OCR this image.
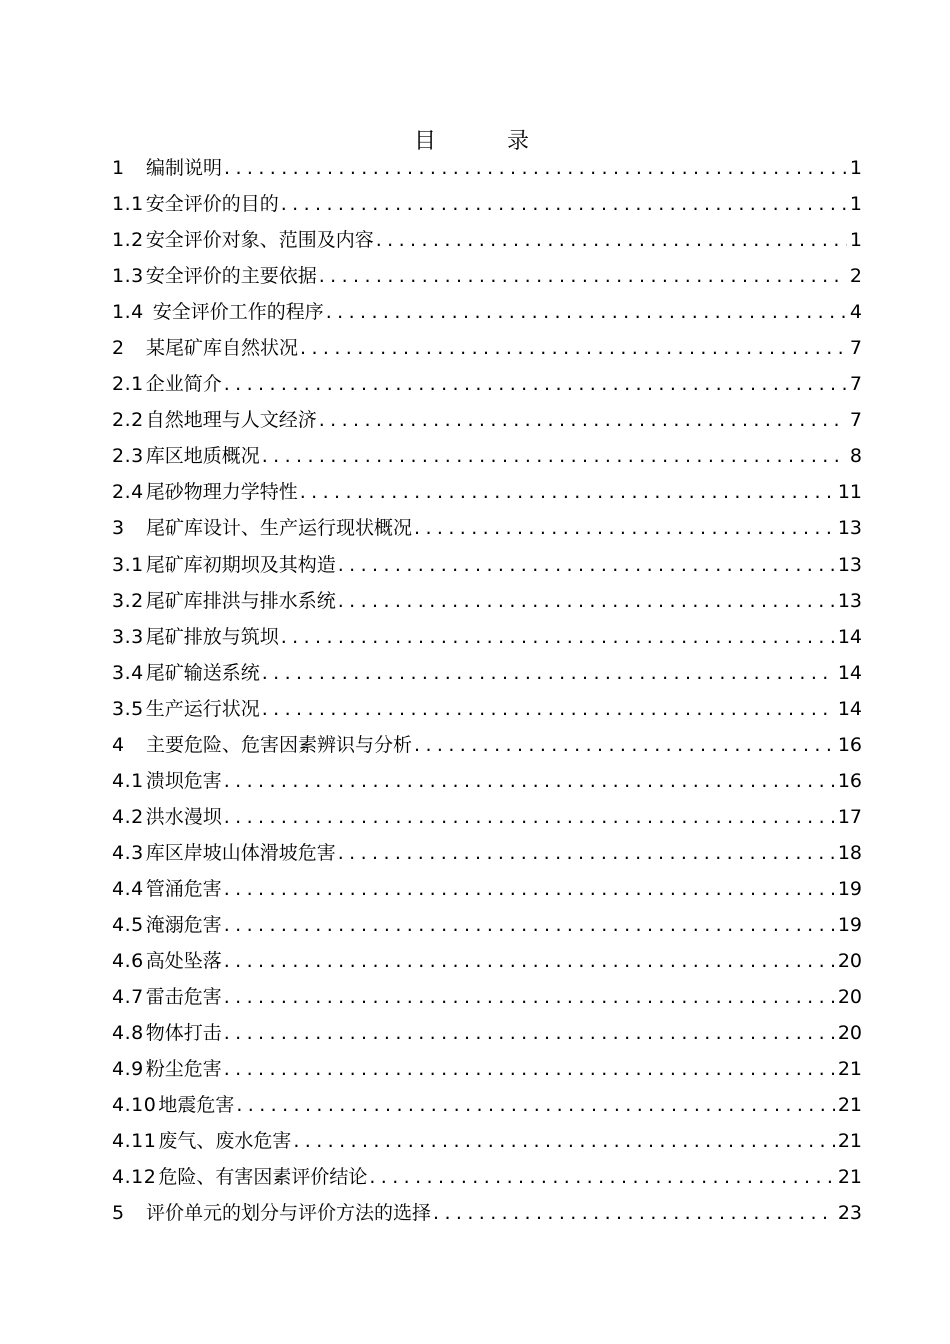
目 录
1	编制说明 .....	1
1.1 安全评价的目的 .....	1
1.2 安全评价对象、范围及内容 .....	1
1.3 安全评价的主要依据 .....	2
1.4 安全评价工作的程序 .....	4
2	某尾矿库自然状况 .....	7
2.1 企业简介 .....	7
2.2 自然地理与人文经济 .....	7
2.3 库区地质概况 .....	8
2.4 尾砂物理力学特性 .....	11
3	尾矿库设计、生产运行现状概况 .....	13
3.1 尾矿库初期坝及其构造 .....	13
3.2 尾矿库排洪与排水系统 .....	13
3.3 尾矿排放与筑坝 .....	14
3.4 尾矿输送系统 .....	14
3.5 生产运行状况 .....	14
4	主要危险、危害因素辨识与分析 .....	16
4.1 溃坝危害 .....	16
4.2 洪水漫坝 .....	17
4.3 库区岸坡山体滑坡危害 .....	18
4.4 管涌危害 .....	19
4.5 淹溺危害 .....	19
4.6 高处坠落 .....	20
4.7 雷击危害 .....	20
4.8 物体打击 .....	20
4.9 粉尘危害 .....	21
4.10 地震危害 .....	21
4.11 废气、废水危害 .....	21
4.12 危险、有害因素评价结论 .....	21
5	评价单元的划分与评价方法的选择 .....	23
